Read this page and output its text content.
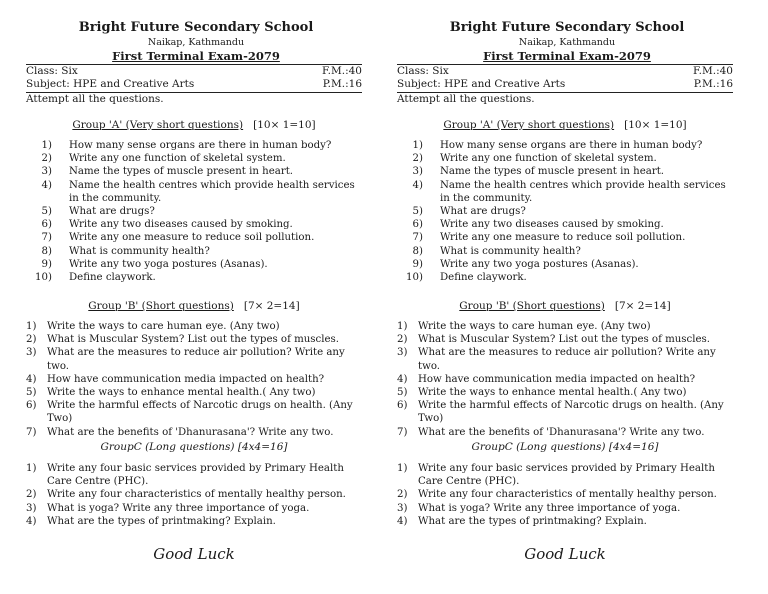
Bright Future Secondary School
Naikap, Kathmandu
First Terminal Exam-2079
Class: Six	F.M.:40
Subject: HPE and Creative Arts	P.M.:16
Attempt all the questions.
Group 'A' (Very short questions) [10× 1=10]
1)	How many sense organs are there in human body?
2)	Write any one function of skeletal system.
3)	Name the types of muscle present in heart.
4)	Name the health centres which provide health services in the community.
5)	What are drugs?
6)	Write any two diseases caused by smoking.
7)	Write any one measure to reduce soil pollution.
8)	What is community health?
9)	Write any two yoga postures (Asanas).
10)	Define claywork.
Group 'B' (Short questions) [7× 2=14]
1)	Write the ways to care human eye. (Any two)
2)	What is Muscular System? List out the types of muscles.
3)	What are the measures to reduce air pollution? Write any two.
4)	How have communication media impacted on health?
5)	Write the ways to enhance mental health.( Any two)
6)	Write the harmful effects of Narcotic drugs on health. (Any Two)
7)	What are the benefits of 'Dhanurasana'? Write any two.
GroupC (Long questions) [4x4=16]
1)	Write any four basic services provided by Primary Health Care Centre (PHC).
2)	Write any four characteristics of mentally healthy person.
3)	What is yoga? Write any three importance of yoga.
4)	What are the types of printmaking? Explain.
Good Luck
Bright Future Secondary School
Naikap, Kathmandu
First Terminal Exam-2079
Class: Six	F.M.:40
Subject: HPE and Creative Arts	P.M.:16
Attempt all the questions.
Group 'A' (Very short questions) [10× 1=10]
1)	How many sense organs are there in human body?
2)	Write any one function of skeletal system.
3)	Name the types of muscle present in heart.
4)	Name the health centres which provide health services in the community.
5)	What are drugs?
6)	Write any two diseases caused by smoking.
7)	Write any one measure to reduce soil pollution.
8)	What is community health?
9)	Write any two yoga postures (Asanas).
10)	Define claywork.
Group 'B' (Short questions) [7× 2=14]
1)	Write the ways to care human eye. (Any two)
2)	What is Muscular System? List out the types of muscles.
3)	What are the measures to reduce air pollution? Write any two.
4)	How have communication media impacted on health?
5)	Write the ways to enhance mental health.( Any two)
6)	Write the harmful effects of Narcotic drugs on health. (Any Two)
7)	What are the benefits of 'Dhanurasana'? Write any two.
GroupC (Long questions) [4x4=16]
1)	Write any four basic services provided by Primary Health Care Centre (PHC).
2)	Write any four characteristics of mentally healthy person.
3)	What is yoga? Write any three importance of yoga.
4)	What are the types of printmaking? Explain.
Good Luck
